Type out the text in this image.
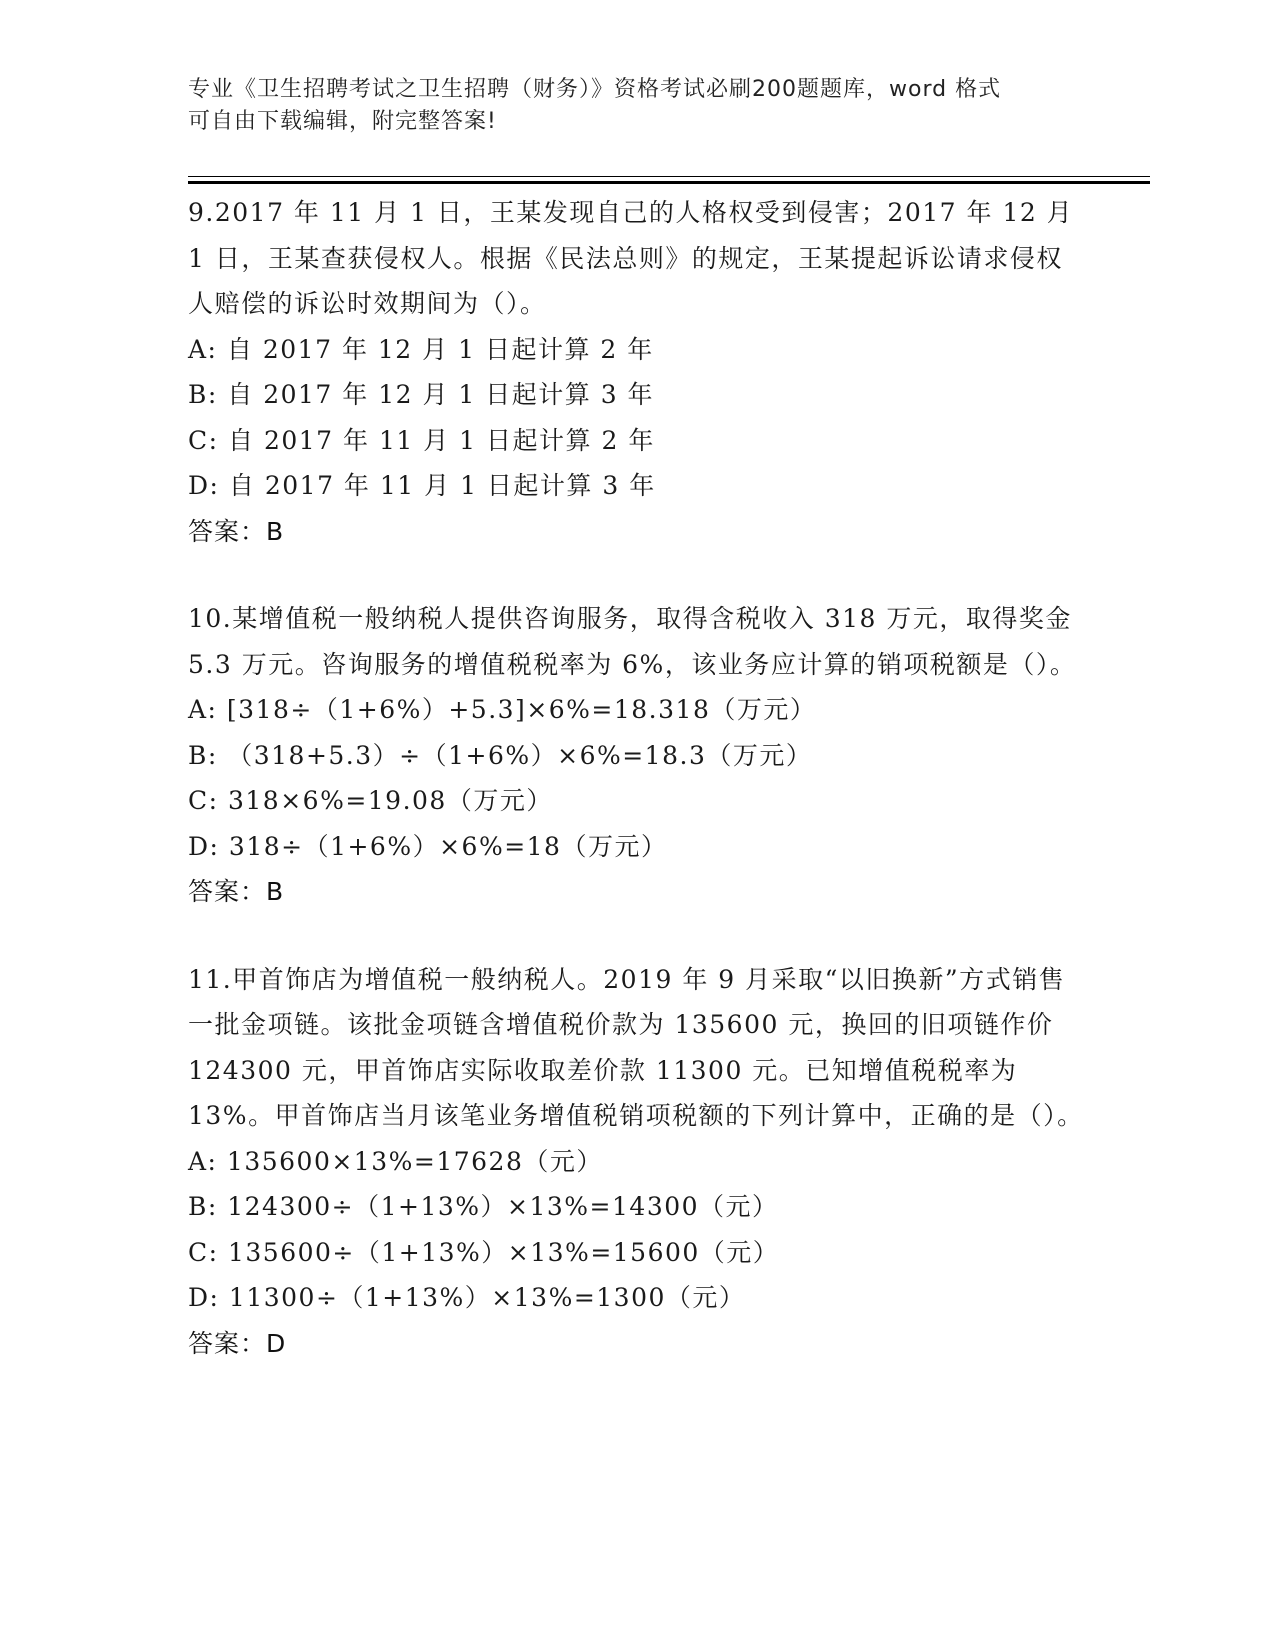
专业《卫生招聘考试之卫生招聘（财务）》资格考试必刷200题题库，word 格式
可自由下载编辑，附完整答案!
9.2017 年 11 月 1 日，王某发现自己的人格权受到侵害；2017 年 12 月 1 日，王某查获侵权人。根据《民法总则》的规定，王某提起诉讼请求侵权人赔偿的诉讼时效期间为（）。
A: 自 2017 年 12 月 1 日起计算 2 年
B: 自 2017 年 12 月 1 日起计算 3 年
C: 自 2017 年 11 月 1 日起计算 2 年
D: 自 2017 年 11 月 1 日起计算 3 年
答案：B
10.某增值税一般纳税人提供咨询服务，取得含税收入 318 万元，取得奖金 5.3 万元。咨询服务的增值税税率为 6%，该业务应计算的销项税额是（）。
A: [318÷（1+6%）+5.3]×6%=18.318（万元）
B: （318+5.3）÷（1+6%）×6%=18.3（万元）
C: 318×6%=19.08（万元）
D: 318÷（1+6%）×6%=18（万元）
答案：B
11.甲首饰店为增值税一般纳税人。2019 年 9 月采取“以旧换新”方式销售一批金项链。该批金项链含增值税价款为 135600 元，换回的旧项链作价 124300 元，甲首饰店实际收取差价款 11300 元。已知增值税税率为 13%。甲首饰店当月该笔业务增值税销项税额的下列计算中，正确的是（）。
A: 135600×13%=17628（元）
B: 124300÷（1+13%）×13%=14300（元）
C: 135600÷（1+13%）×13%=15600（元）
D: 11300÷（1+13%）×13%=1300（元）
答案：D
